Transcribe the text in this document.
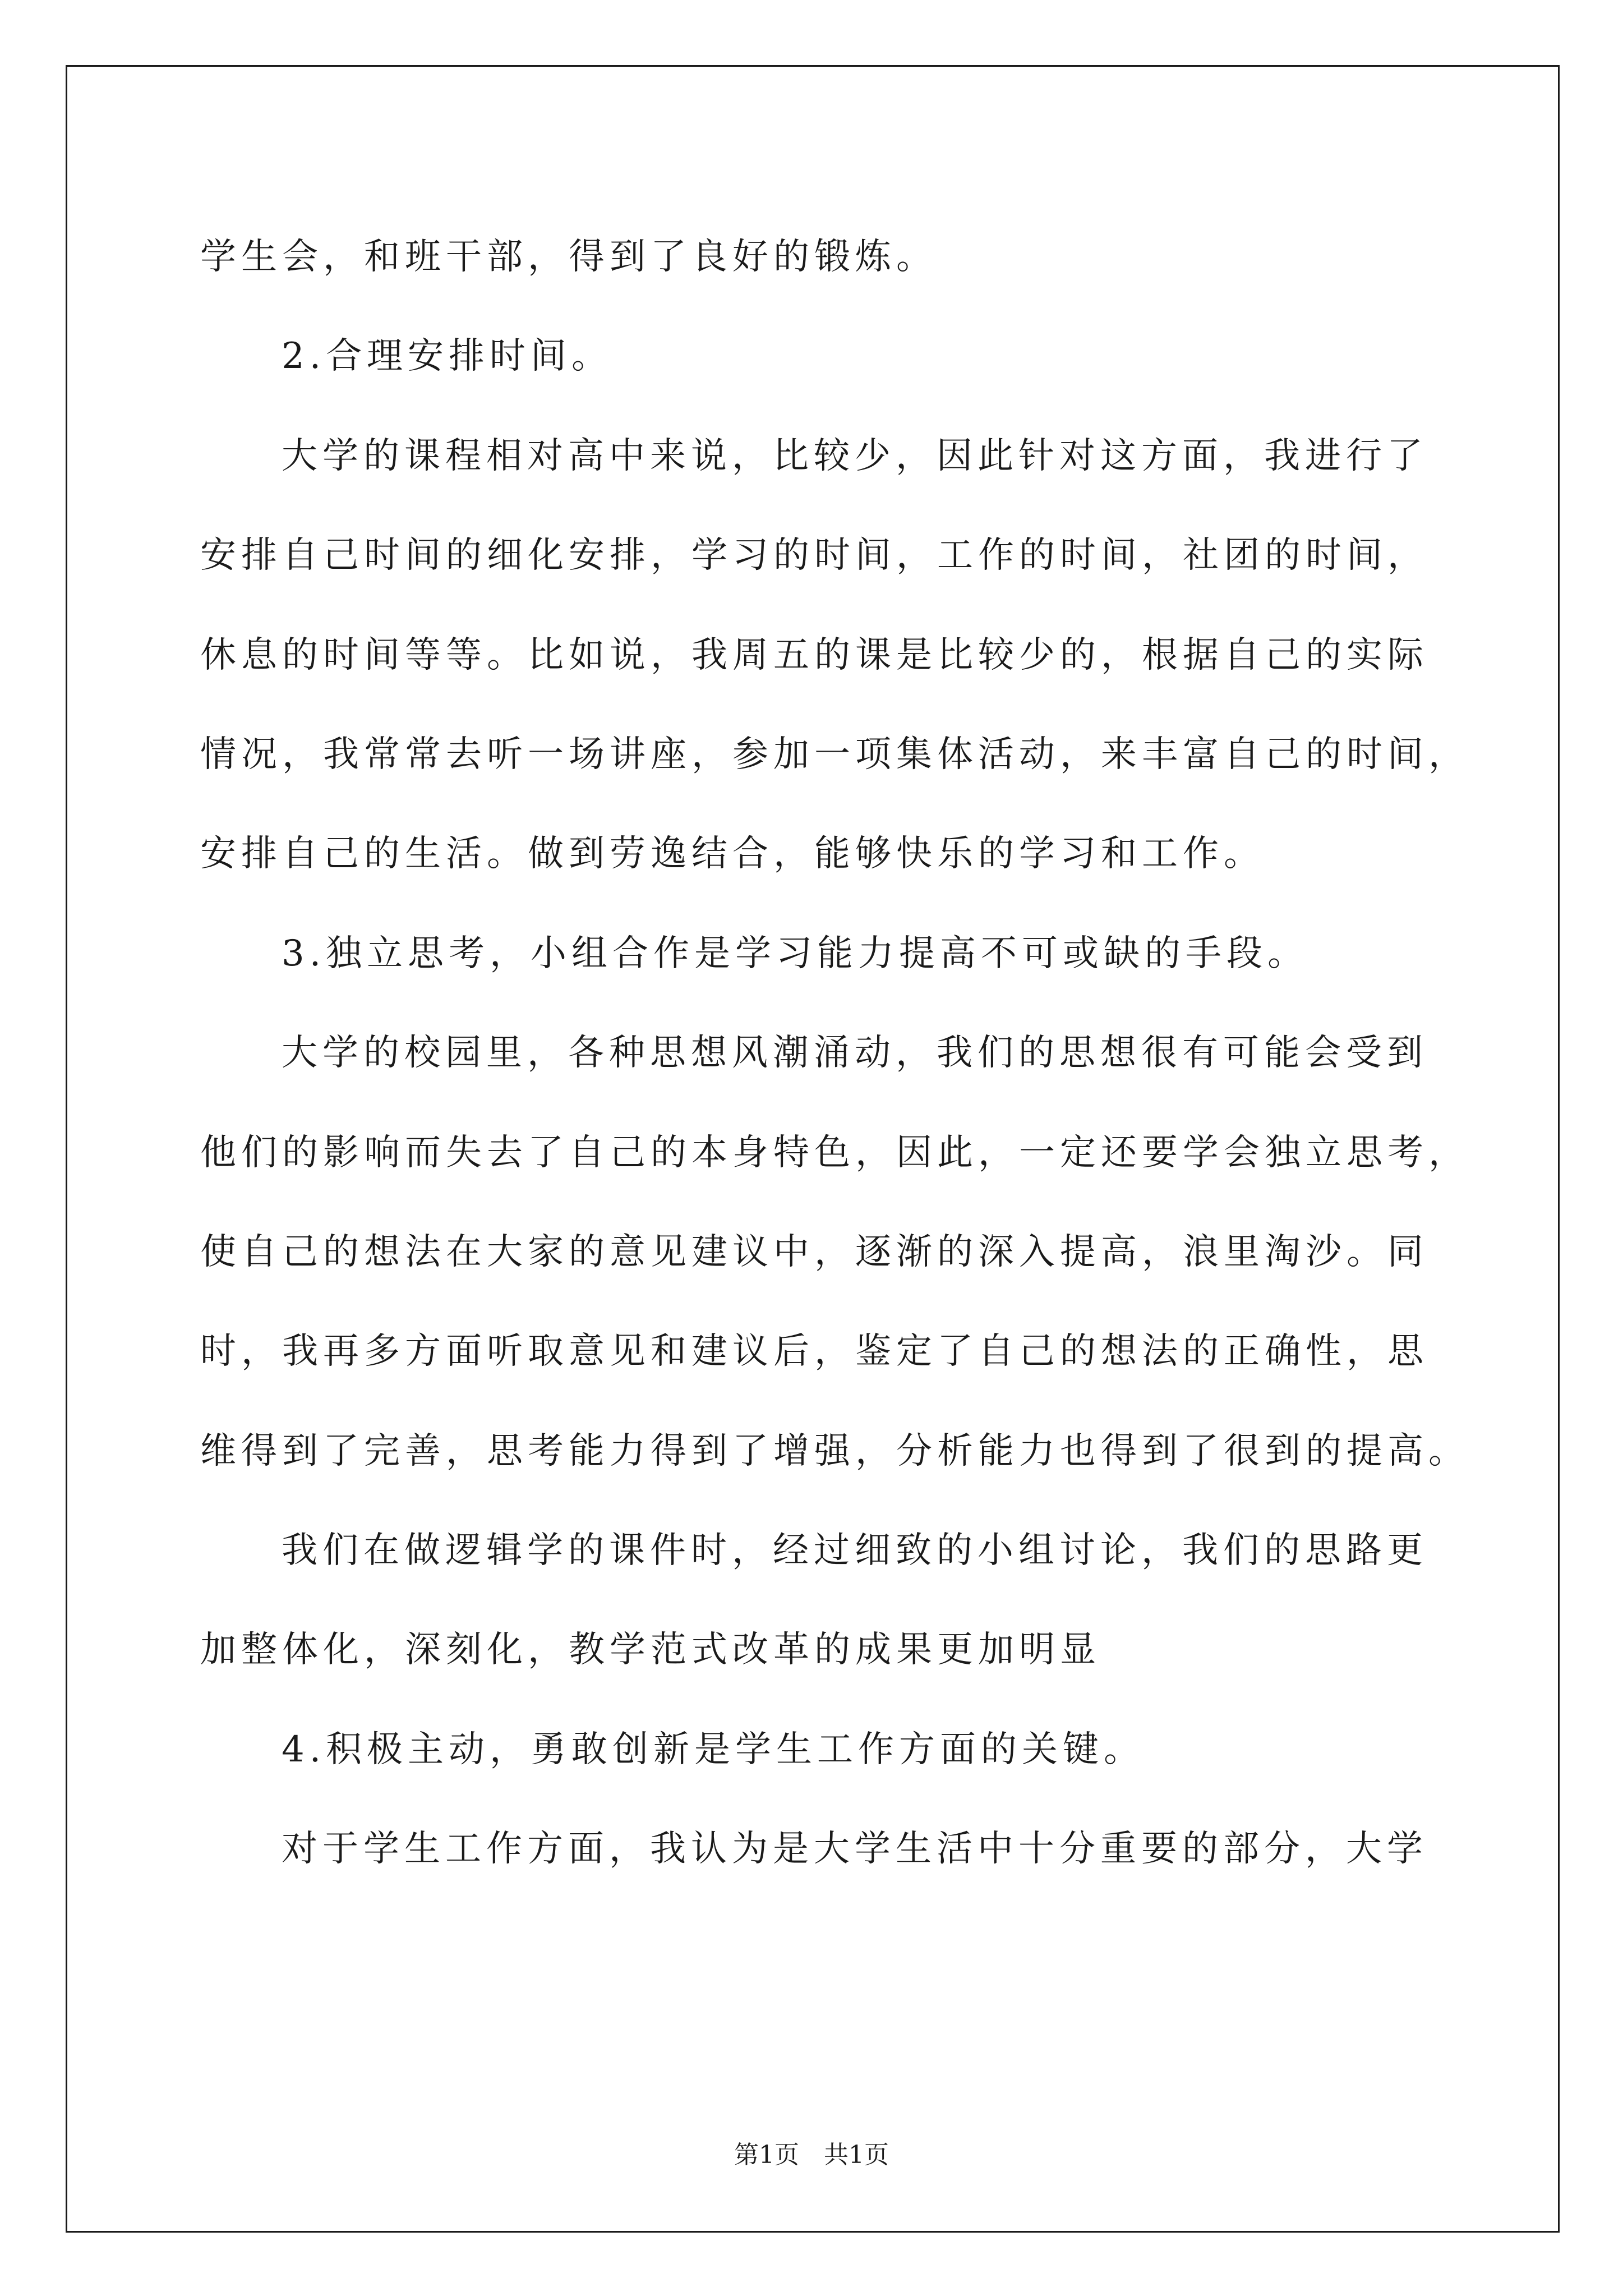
学生会，和班干部，得到了良好的锻炼。
2.合理安排时间。
大学的课程相对高中来说，比较少，因此针对这方面，我进行了
安排自己时间的细化安排，学习的时间，工作的时间，社团的时间，
休息的时间等等。比如说，我周五的课是比较少的，根据自己的实际
情况，我常常去听一场讲座，参加一项集体活动，来丰富自己的时间，
安排自己的生活。做到劳逸结合，能够快乐的学习和工作。
3.独立思考，小组合作是学习能力提高不可或缺的手段。
大学的校园里，各种思想风潮涌动，我们的思想很有可能会受到
他们的影响而失去了自己的本身特色，因此，一定还要学会独立思考，
使自己的想法在大家的意见建议中，逐渐的深入提高，浪里淘沙。同
时，我再多方面听取意见和建议后，鉴定了自己的想法的正确性，思
维得到了完善，思考能力得到了增强，分析能力也得到了很到的提高。
我们在做逻辑学的课件时，经过细致的小组讨论，我们的思路更
加整体化，深刻化，教学范式改革的成果更加明显
4.积极主动，勇敢创新是学生工作方面的关键。
对于学生工作方面，我认为是大学生活中十分重要的部分，大学
第1页　共1页
